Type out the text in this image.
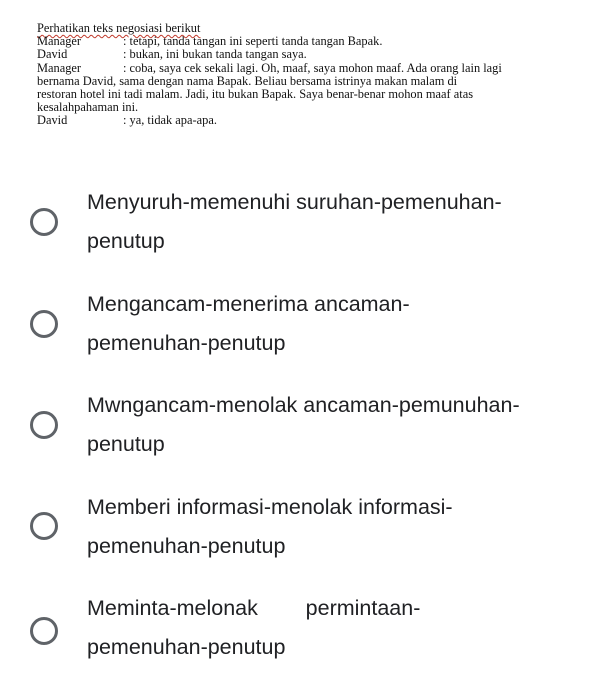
Perhatikan teks negosiasi berikut
Manager	: tetapi, tanda tangan ini seperti tanda tangan Bapak.
David	: bukan, ini bukan tanda tangan saya.
Manager	: coba, saya cek sekali lagi. Oh, maaf, saya mohon maaf. Ada orang lain lagi
bernama David, sama dengan nama Bapak. Beliau bersama istrinya makan malam di
restoran hotel ini tadi malam. Jadi, itu bukan Bapak. Saya benar-benar mohon maaf atas
kesalahpahaman ini.
David	: ya, tidak apa-apa.
Menyuruh-memenuhi suruhan-pemenuhan-
penutup
Mengancam-menerima ancaman-
pemenuhan-penutup
Mwngancam-menolak ancaman-pemunuhan-
penutup
Memberi informasi-menolak informasi-
pemenuhan-penutup
Meminta-melonak        permintaan-
pemenuhan-penutup
